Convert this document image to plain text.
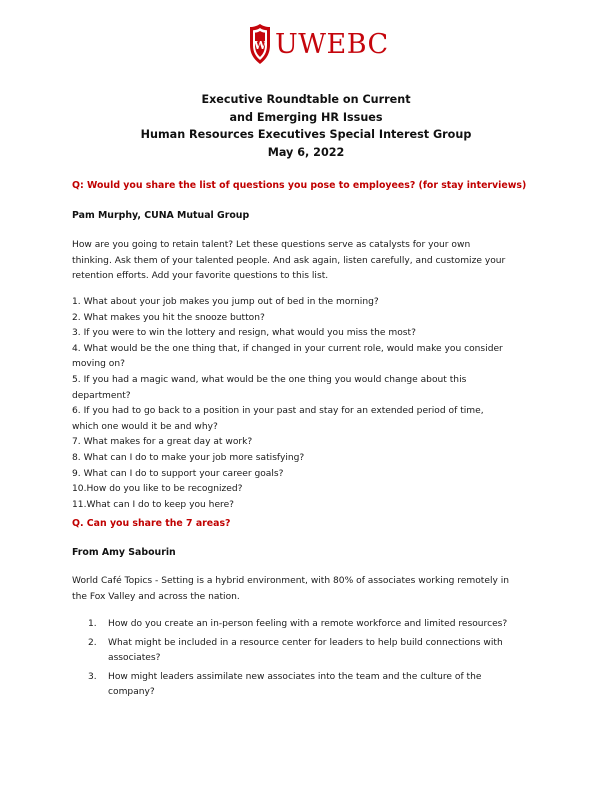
W UWEBC
Executive Roundtable on Current
and Emerging HR Issues
Human Resources Executives Special Interest Group
May 6, 2022
Q: Would you share the list of questions you pose to employees? (for stay interviews)
Pam Murphy, CUNA Mutual Group
How are you going to retain talent? Let these questions serve as catalysts for your own
thinking. Ask them of your talented people. And ask again, listen carefully, and customize your
retention efforts. Add your favorite questions to this list.
1. What about your job makes you jump out of bed in the morning?
2. What makes you hit the snooze button?
3. If you were to win the lottery and resign, what would you miss the most?
4. What would be the one thing that, if changed in your current role, would make you consider
moving on?
5. If you had a magic wand, what would be the one thing you would change about this
department?
6. If you had to go back to a position in your past and stay for an extended period of time,
which one would it be and why?
7. What makes for a great day at work?
8. What can I do to make your job more satisfying?
9. What can I do to support your career goals?
10.How do you like to be recognized?
11.What can I do to keep you here?
Q. Can you share the 7 areas?
From Amy Sabourin
World Café Topics - Setting is a hybrid environment, with 80% of associates working remotely in
the Fox Valley and across the nation.
1. How do you create an in-person feeling with a remote workforce and limited resources?
2. What might be included in a resource center for leaders to help build connections with
associates?
3. How might leaders assimilate new associates into the team and the culture of the
company?
